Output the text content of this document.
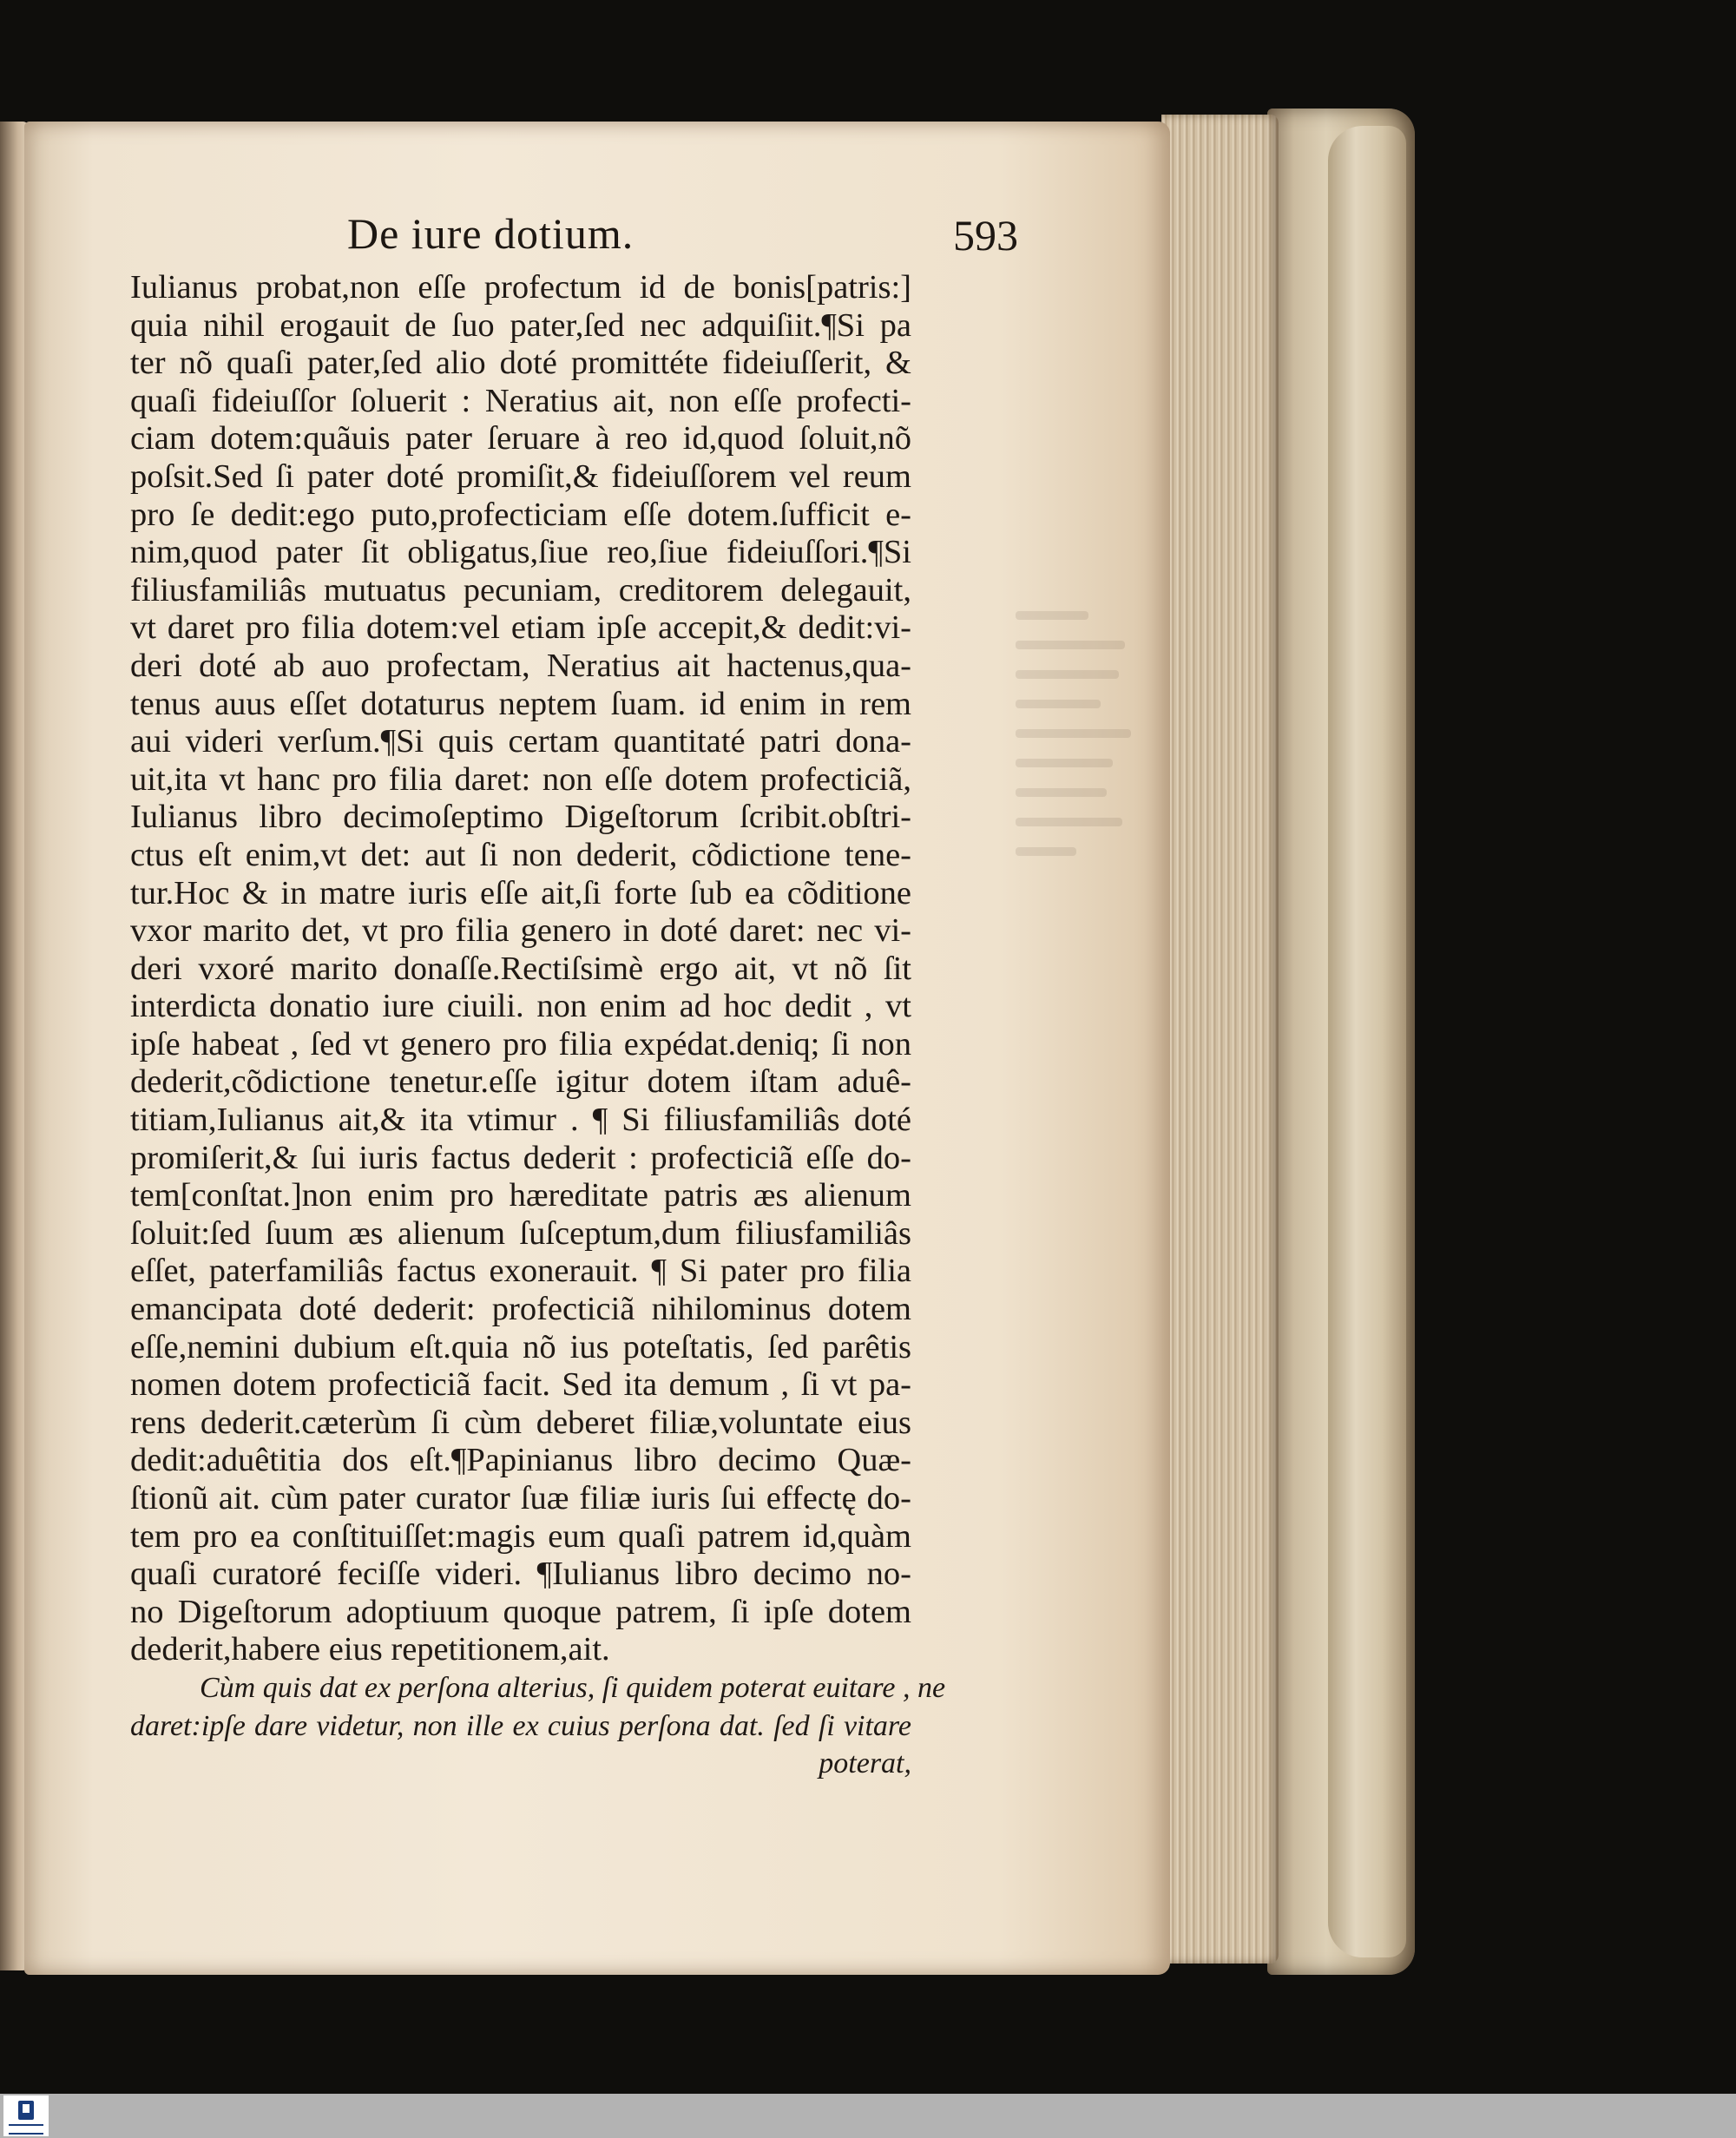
De iure dotium.	593
Iulianus probat,non eſſe profectum id de bonis[patris:]
quia nihil erogauit de ſuo pater,ſed nec adquiſiit.¶Si pa
ter nõ quaſi pater,ſed alio doté promittéte fideiuſſerit, &
quaſi fideiuſſor ſoluerit : Neratius ait, non eſſe profecti-
ciam dotem:quãuis pater ſeruare à reo id,quod ſoluit,nõ
poſsit.Sed ſi pater doté promiſit,& fideiuſſorem vel reum
pro ſe dedit:ego puto,profecticiam eſſe dotem.ſufficit e-
nim,quod pater ſit obligatus,ſiue reo,ſiue fideiuſſori.¶Si
filiusfamiliâs mutuatus pecuniam, creditorem delegauit,
vt daret pro filia dotem:vel etiam ipſe accepit,& dedit:vi-
deri doté ab auo profectam, Neratius ait hactenus,qua-
tenus auus eſſet dotaturus neptem ſuam. id enim in rem
aui videri verſum.¶Si quis certam quantitaté patri dona-
uit,ita vt hanc pro filia daret: non eſſe dotem profecticiã,
Iulianus libro decimoſeptimo Digeſtorum ſcribit.obſtri-
ctus eſt enim,vt det: aut ſi non dederit, cõdictione tene-
tur.Hoc & in matre iuris eſſe ait,ſi forte ſub ea cõditione
vxor marito det, vt pro filia genero in doté daret: nec vi-
deri vxoré marito donaſſe.Rectiſsimè ergo ait, vt nõ ſit
interdicta donatio iure ciuili. non enim ad hoc dedit , vt
ipſe habeat , ſed vt genero pro filia expédat.deniq; ſi non
dederit,cõdictione tenetur.eſſe igitur dotem iſtam aduê-
titiam,Iulianus ait,& ita vtimur . ¶ Si filiusfamiliâs doté
promiſerit,& ſui iuris factus dederit : profecticiã eſſe do-
tem[conſtat.]non enim pro hæreditate patris æs alienum
ſoluit:ſed ſuum æs alienum ſuſceptum,dum filiusfamiliâs
eſſet, paterfamiliâs factus exonerauit. ¶ Si pater pro filia
emancipata doté dederit: profecticiã nihilominus dotem
eſſe,nemini dubium eſt.quia nõ ius poteſtatis, ſed parêtis
nomen dotem profecticiã facit. Sed ita demum , ſi vt pa-
rens dederit.cæterùm ſi cùm deberet filiæ,voluntate eius
dedit:aduêtitia dos eſt.¶Papinianus libro decimo Quæ-
ſtionũ ait. cùm pater curator ſuæ filiæ iuris ſui effectę do-
tem pro ea conſtituiſſet:magis eum quaſi patrem id,quàm
quaſi curatoré feciſſe videri. ¶Iulianus libro decimo no-
no Digeſtorum adoptiuum quoque patrem, ſi ipſe dotem
dederit,habere eius repetitionem,ait.
Cùm quis dat ex perſona alterius, ſi quidem poterat euitare , ne
daret:ipſe dare videtur, non ille ex cuius perſona dat. ſed ſi vitare
poterat,
